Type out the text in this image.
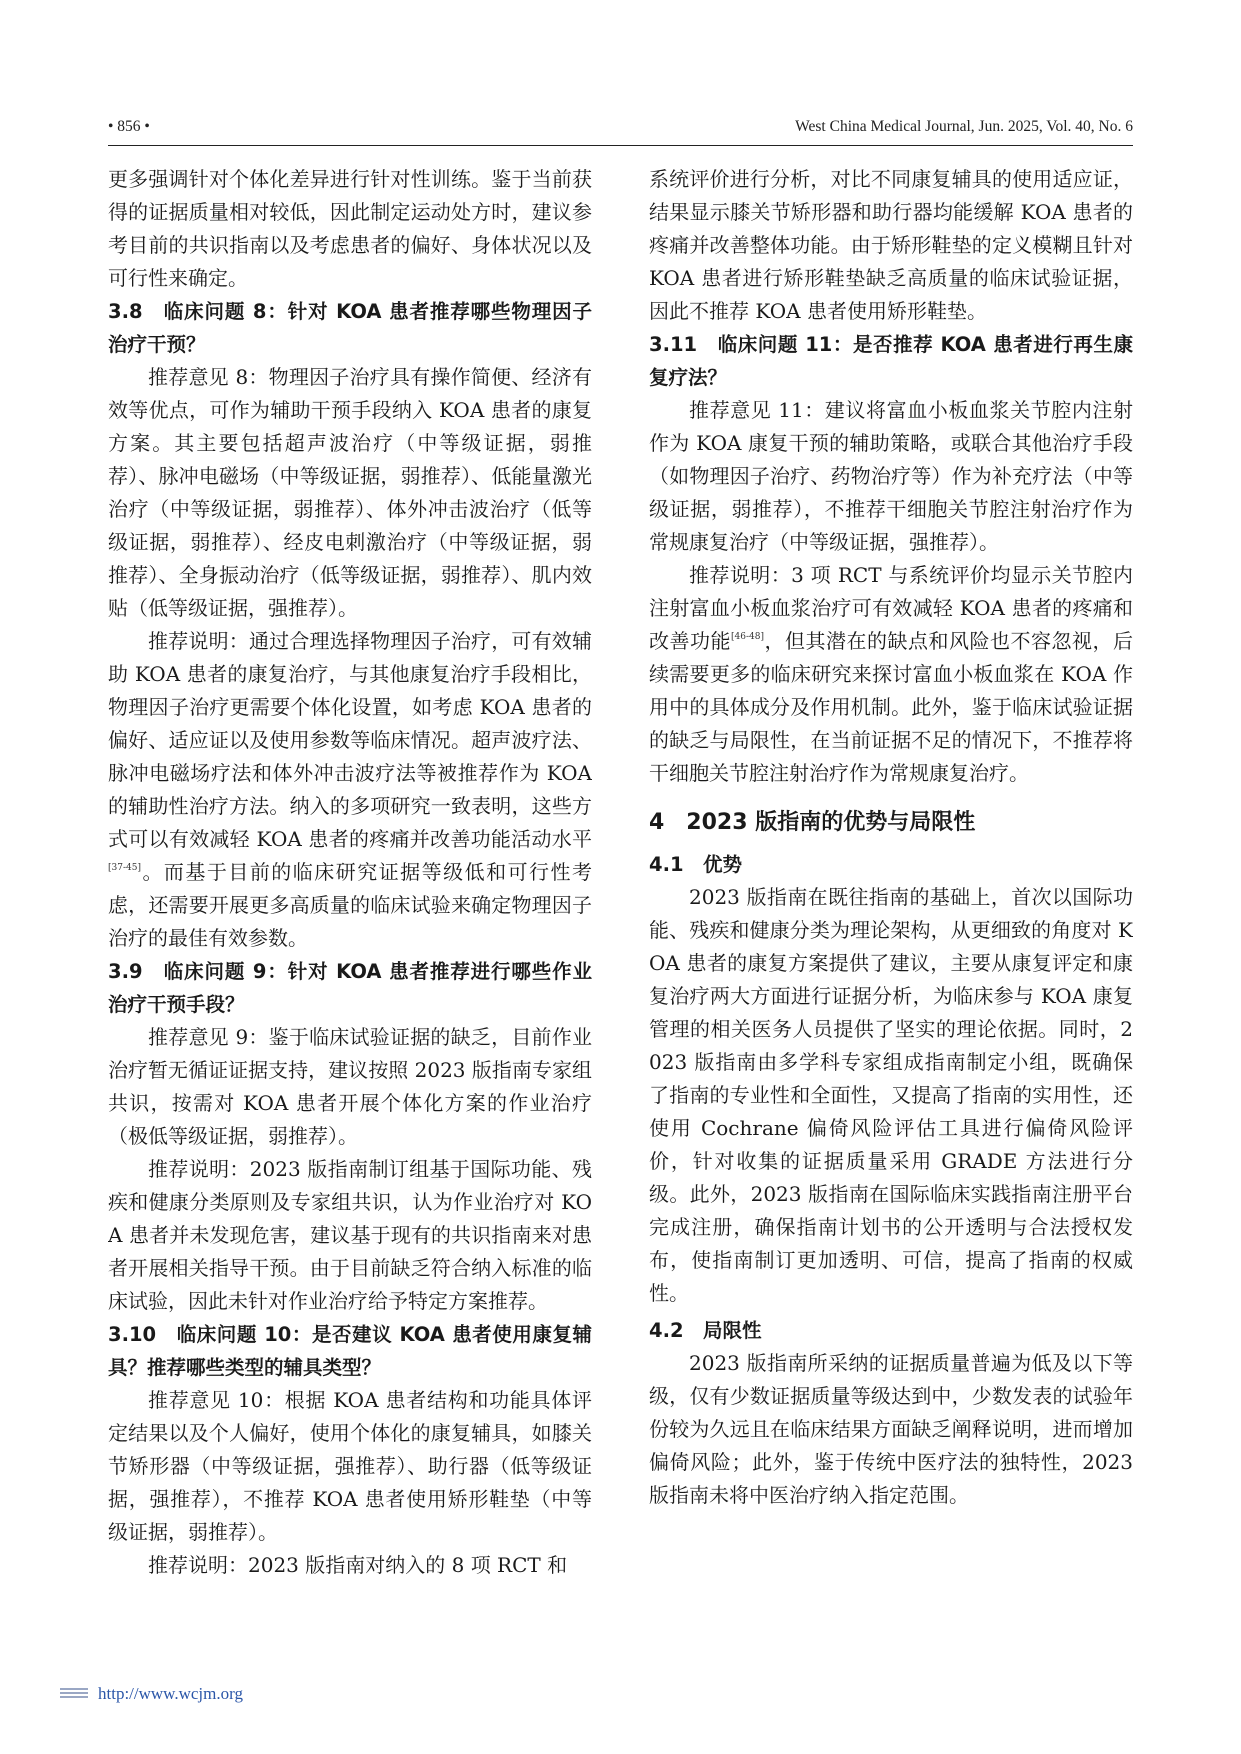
• 856 •	West China Medical Journal, Jun. 2025, Vol. 40, No. 6

更多强调针对个体化差异进行针对性训练。鉴于当前获得的证据质量相对较低，因此制定运动处方时，建议参考目前的共识指南以及考虑患者的偏好、身体状况以及可行性来确定。

3.8　临床问题 8：针对 KOA 患者推荐哪些物理因子治疗干预？

推荐意见 8：物理因子治疗具有操作简便、经济有效等优点，可作为辅助干预手段纳入 KOA 患者的康复方案。其主要包括超声波治疗（中等级证据，弱推荐）、脉冲电磁场（中等级证据，弱推荐）、低能量激光治疗（中等级证据，弱推荐）、体外冲击波治疗（低等级证据，弱推荐）、经皮电刺激治疗（中等级证据，弱推荐）、全身振动治疗（低等级证据，弱推荐）、肌内效贴（低等级证据，强推荐）。

推荐说明：通过合理选择物理因子治疗，可有效辅助 KOA 患者的康复治疗，与其他康复治疗手段相比，物理因子治疗更需要个体化设置，如考虑 KOA 患者的偏好、适应证以及使用参数等临床情况。超声波疗法、脉冲电磁场疗法和体外冲击波疗法等被推荐作为 KOA 的辅助性治疗方法。纳入的多项研究一致表明，这些方式可以有效减轻 KOA 患者的疼痛并改善功能活动水平[37-45]。而基于目前的临床研究证据等级低和可行性考虑，还需要开展更多高质量的临床试验来确定物理因子治疗的最佳有效参数。

3.9　临床问题 9：针对 KOA 患者推荐进行哪些作业治疗干预手段？

推荐意见 9：鉴于临床试验证据的缺乏，目前作业治疗暂无循证证据支持，建议按照 2023 版指南专家组共识，按需对 KOA 患者开展个体化方案的作业治疗（极低等级证据，弱推荐）。

推荐说明：2023 版指南制订组基于国际功能、残疾和健康分类原则及专家组共识，认为作业治疗对 KOA 患者并未发现危害，建议基于现有的共识指南来对患者开展相关指导干预。由于目前缺乏符合纳入标准的临床试验，因此未针对作业治疗给予特定方案推荐。

3.10　临床问题 10：是否建议 KOA 患者使用康复辅具？推荐哪些类型的辅具类型？

推荐意见 10：根据 KOA 患者结构和功能具体评定结果以及个人偏好，使用个体化的康复辅具，如膝关节矫形器（中等级证据，强推荐）、助行器（低等级证据，强推荐），不推荐 KOA 患者使用矫形鞋垫（中等级证据，弱推荐）。

推荐说明：2023 版指南对纳入的 8 项 RCT 和

系统评价进行分析，对比不同康复辅具的使用适应证，结果显示膝关节矫形器和助行器均能缓解 KOA 患者的疼痛并改善整体功能。由于矫形鞋垫的定义模糊且针对 KOA 患者进行矫形鞋垫缺乏高质量的临床试验证据，因此不推荐 KOA 患者使用矫形鞋垫。

3.11　临床问题 11：是否推荐 KOA 患者进行再生康复疗法？

推荐意见 11：建议将富血小板血浆关节腔内注射作为 KOA 康复干预的辅助策略，或联合其他治疗手段（如物理因子治疗、药物治疗等）作为补充疗法（中等级证据，弱推荐），不推荐干细胞关节腔注射治疗作为常规康复治疗（中等级证据，强推荐）。

推荐说明：3 项 RCT 与系统评价均显示关节腔内注射富血小板血浆治疗可有效减轻 KOA 患者的疼痛和改善功能[46-48]，但其潜在的缺点和风险也不容忽视，后续需要更多的临床研究来探讨富血小板血浆在 KOA 作用中的具体成分及作用机制。此外，鉴于临床试验证据的缺乏与局限性，在当前证据不足的情况下，不推荐将干细胞关节腔注射治疗作为常规康复治疗。

4　2023 版指南的优势与局限性
4.1　优势

2023 版指南在既往指南的基础上，首次以国际功能、残疾和健康分类为理论架构，从更细致的角度对 KOA 患者的康复方案提供了建议，主要从康复评定和康复治疗两大方面进行证据分析，为临床参与 KOA 康复管理的相关医务人员提供了坚实的理论依据。同时，2023 版指南由多学科专家组成指南制定小组，既确保了指南的专业性和全面性，又提高了指南的实用性，还使用 Cochrane 偏倚风险评估工具进行偏倚风险评价，针对收集的证据质量采用 GRADE 方法进行分级。此外，2023 版指南在国际临床实践指南注册平台完成注册，确保指南计划书的公开透明与合法授权发布，使指南制订更加透明、可信，提高了指南的权威性。

4.2　局限性

2023 版指南所采纳的证据质量普遍为低及以下等级，仅有少数证据质量等级达到中，少数发表的试验年份较为久远且在临床结果方面缺乏阐释说明，进而增加偏倚风险；此外，鉴于传统中医疗法的独特性，2023 版指南未将中医治疗纳入指定范围。

http://www.wcjm.org
